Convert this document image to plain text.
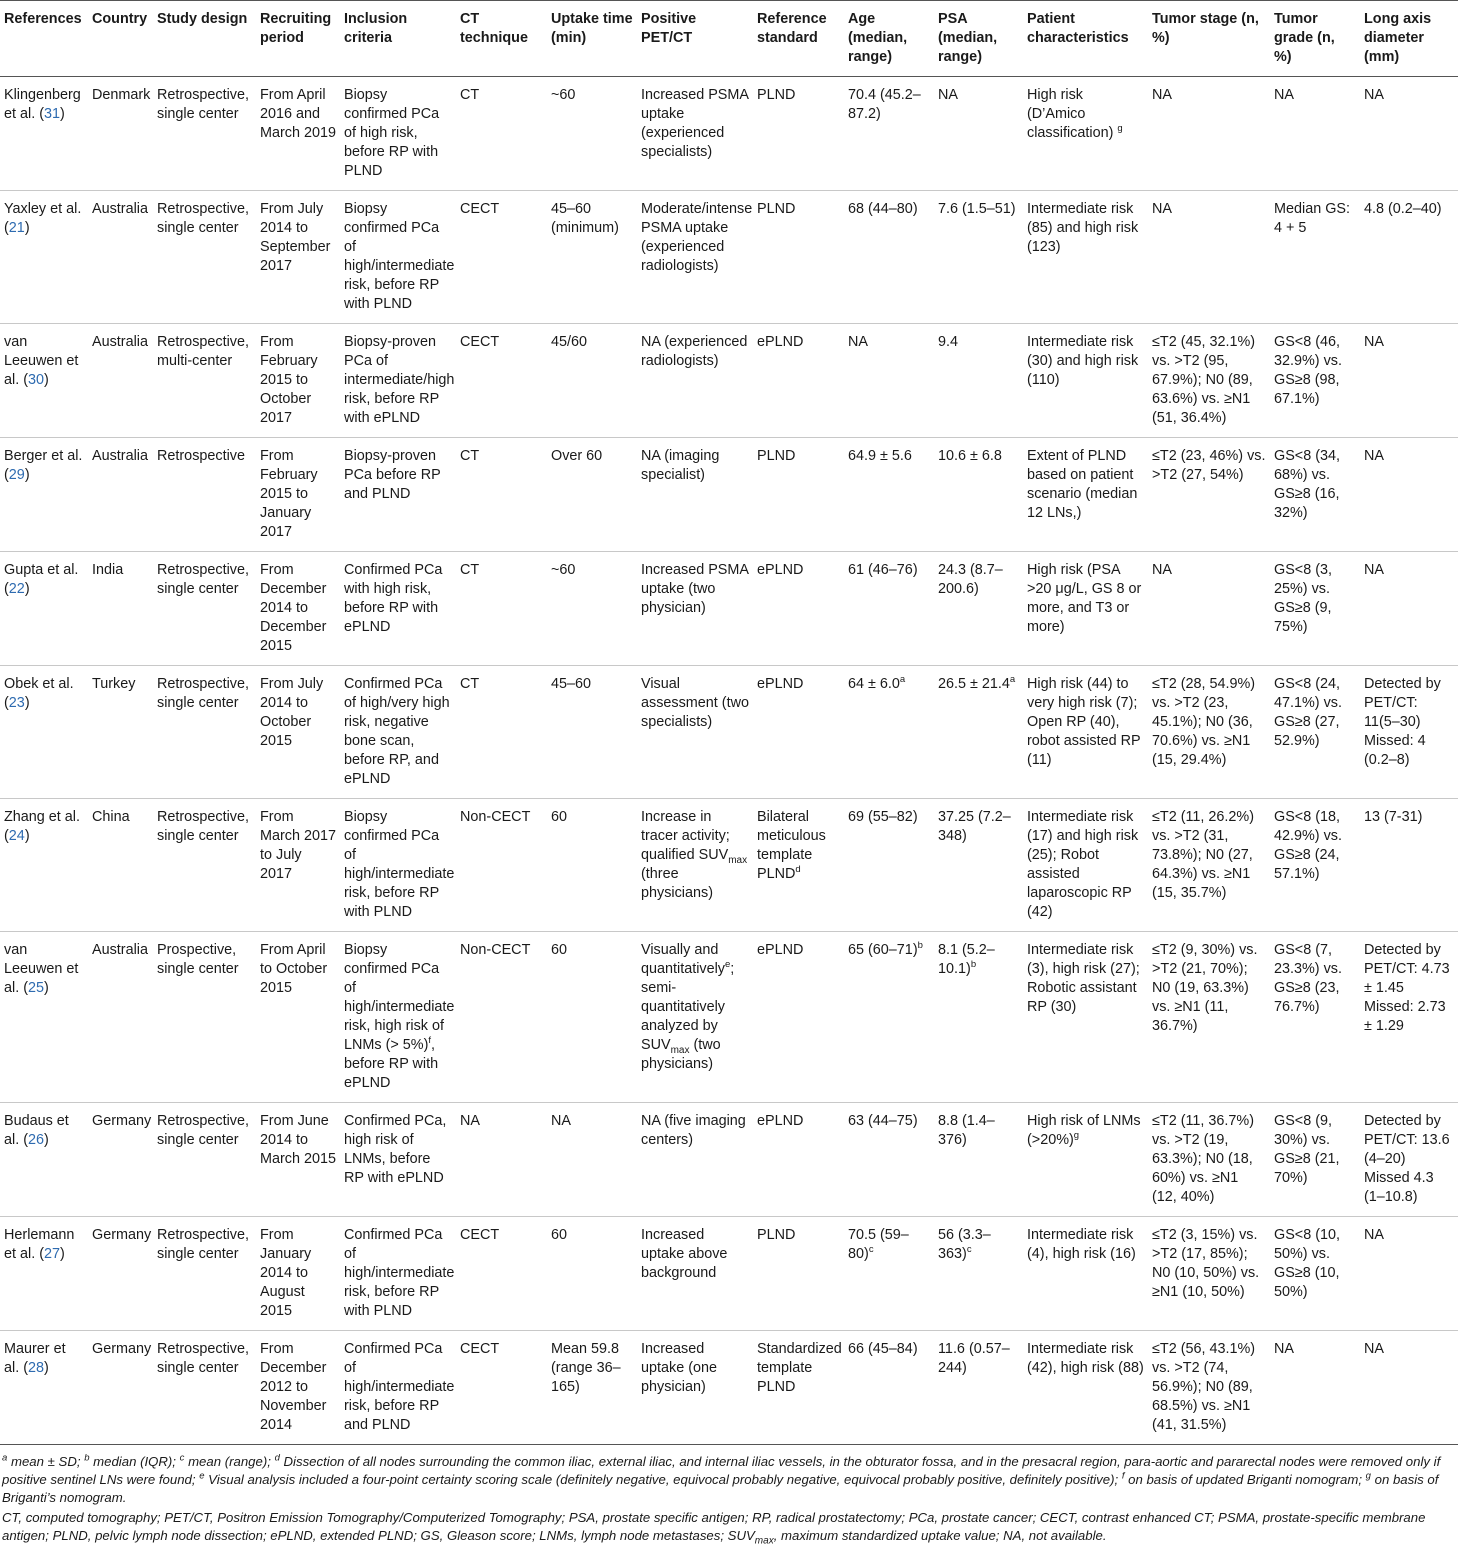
References	Country	Study design	Recruiting period	Inclusion criteria	CT technique	Uptake time (min)	Positive PET/CT	Reference standard	Age (median, range)	PSA (median, range)	Patient characteristics	Tumor stage (n, %)	Tumor grade (n, %)	Long axis diameter (mm)
Klingenberg et al. (31)	Denmark	Retrospective, single center	From April 2016 and March 2019	Biopsy confirmed PCa of high risk, before RP with PLND	CT	~60	Increased PSMA uptake (experienced specialists)	PLND	70.4 (45.2–87.2)	NA	High risk (D’Amico classification) $^g$	NA	NA	NA
Yaxley et al. (21)	Australia	Retrospective, single center	From July 2014 to September 2017	Biopsy confirmed PCa of high/intermediate risk, before RP with PLND	CECT	45–60 (minimum)	Moderate/intense PSMA uptake (experienced radiologists)	PLND	68 (44–80)	7.6 (1.5–51)	Intermediate risk (85) and high risk (123)	NA	Median GS: 4 + 5	4.8 (0.2–40)
van Leeuwen et al. (30)	Australia	Retrospective, multi-center	From February 2015 to October 2017	Biopsy-proven PCa of intermediate/high risk, before RP with ePLND	CECT	45/60	NA (experienced radiologists)	ePLND	NA	9.4	Intermediate risk (30) and high risk (110)	≤T2 (45, 32.1%) vs. >T2 (95, 67.9%); N0 (89, 63.6%) vs. ≥N1 (51, 36.4%)	GS<8 (46, 32.9%) vs. GS≥8 (98, 67.1%)	NA
Berger et al. (29)	Australia	Retrospective	From February 2015 to January 2017	Biopsy-proven PCa before RP and PLND	CT	Over 60	NA (imaging specialist)	PLND	64.9 ± 5.6	10.6 ± 6.8	Extent of PLND based on patient scenario (median 12 LNs,)	≤T2 (23, 46%) vs. >T2 (27, 54%)	GS<8 (34, 68%) vs. GS≥8 (16, 32%)	NA
Gupta et al. (22)	India	Retrospective, single center	From December 2014 to December 2015	Confirmed PCa with high risk, before RP with ePLND	CT	~60	Increased PSMA uptake (two physician)	ePLND	61 (46–76)	24.3 (8.7–200.6)	High risk (PSA >20 μg/L, GS 8 or more, and T3 or more)	NA	GS<8 (3, 25%) vs. GS≥8 (9, 75%)	NA
Obek et al. (23)	Turkey	Retrospective, single center	From July 2014 to October 2015	Confirmed PCa of high/very high risk, negative bone scan, before RP, and ePLND	CT	45–60	Visual assessment (two specialists)	ePLND	64 ± 6.0$^a$	26.5 ± 21.4$^a$	High risk (44) to very high risk (7); Open RP (40), robot assisted RP (11)	≤T2 (28, 54.9%) vs. >T2 (23, 45.1%); N0 (36, 70.6%) vs. ≥N1 (15, 29.4%)	GS<8 (24, 47.1%) vs. GS≥8 (27, 52.9%)	Detected by PET/CT: 11(5–30) Missed: 4 (0.2–8)
Zhang et al. (24)	China	Retrospective, single center	From March 2017 to July 2017	Biopsy confirmed PCa of high/intermediate risk, before RP with PLND	Non-CECT	60	Increase in tracer activity; qualified $SUV_{max}$ (three physicians)	Bilateral meticulous template PLND$^d$	69 (55–82)	37.25 (7.2–348)	Intermediate risk (17) and high risk (25); Robot assisted laparoscopic RP (42)	≤T2 (11, 26.2%) vs. >T2 (31, 73.8%); N0 (27, 64.3%) vs. ≥N1 (15, 35.7%)	GS<8 (18, 42.9%) vs. GS≥8 (24, 57.1%)	13 (7-31)
van Leeuwen et al. (25)	Australia	Prospective, single center	From April to October 2015	Biopsy confirmed PCa of high/intermediate risk, high risk of LNMs (> 5%)$^f$, before RP with ePLND	Non-CECT	60	Visually and quantitatively$^e$; semi-quantitatively analyzed by $SUV_{max}$ (two physicians)	ePLND	65 $(60-71)^b$	8.1 $(5.2-10.1)^b$	Intermediate risk (3), high risk (27); Robotic assistant RP (30)	≤T2 (9, 30%) vs. >T2 (21, 70%); N0 (19, 63.3%) vs. ≥N1 (11, 36.7%)	GS<8 (7, 23.3%) vs. GS≥8 (23, 76.7%)	Detected by PET/CT: 4.73 ± 1.45 Missed: 2.73 ± 1.29
Budaus et al. (26)	Germany	Retrospective, single center	From June 2014 to March 2015	Confirmed PCa, high risk of LNMs, before RP with ePLND	NA	NA	NA (five imaging centers)	ePLND	63 (44–75)	8.8 (1.4–376)	High risk of LNMs (>20%)$^g$	≤T2 (11, 36.7%) vs. >T2 (19, 63.3%); N0 (18, 60%) vs. ≥N1 (12, 40%)	GS<8 (9, 30%) vs. GS≥8 (21, 70%)	Detected by PET/CT: 13.6 (4–20) Missed 4.3 (1–10.8)
Herlemann et al. (27)	Germany	Retrospective, single center	From January 2014 to August 2015	Confirmed PCa of high/intermediate risk, before RP with PLND	CECT	60	Increased uptake above background	PLND	70.5 $(59-80)^c$	56 $(3.3-363)^c$	Intermediate risk (4), high risk (16)	≤T2 (3, 15%) vs. >T2 (17, 85%); N0 (10, 50%) vs. ≥N1 (10, 50%)	GS<8 (10, 50%) vs. GS≥8 (10, 50%)	NA
Maurer et al. (28)	Germany	Retrospective, single center	From December 2012 to November 2014	Confirmed PCa of high/intermediate risk, before RP and PLND	CECT	Mean 59.8 (range 36–165)	Increased uptake (one physician)	Standardized template PLND	66 (45–84)	11.6 (0.57–244)	Intermediate risk (42), high risk (88)	≤T2 (56, 43.1%) vs. >T2 (74, 56.9%); N0 (89, 68.5%) vs. ≥N1 (41, 31.5%)	NA	NA

$^a$ mean ± SD; $^b$ median (IQR); $^c$ mean (range); $^d$ Dissection of all nodes surrounding the common iliac, external iliac, and internal iliac vessels, in the obturator fossa, and in the presacral region, para-aortic and pararectal nodes were removed only if positive sentinel LNs were found; $^e$ Visual analysis included a four-point certainty scoring scale (definitely negative, equivocal probably negative, equivocal probably positive, definitely positive); $^f$ on basis of updated Briganti nomogram; $^g$ on basis of Briganti’s nomogram.

CT, computed tomography; PET/CT, Positron Emission Tomography/Computerized Tomography; PSA, prostate specific antigen; RP, radical prostatectomy; PCa, prostate cancer; CECT, contrast enhanced CT; PSMA, prostate-specific membrane antigen; PLND, pelvic lymph node dissection; ePLND, extended PLND; GS, Gleason score; LNMs, lymph node metastases; $SUV_{max}$, maximum standardized uptake value; NA, not available.
